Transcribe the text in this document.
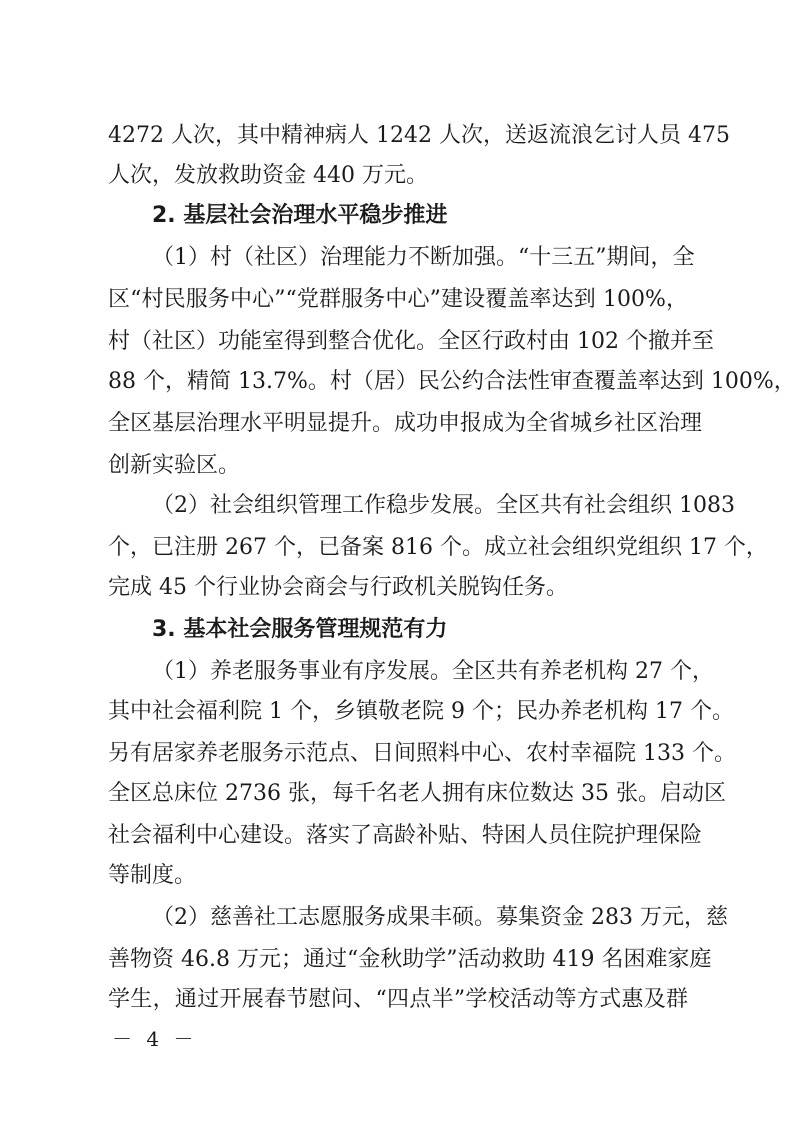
4272 人次，其中精神病人 1242 人次，送返流浪乞讨人员 475
人次，发放救助资金 440 万元。
2. 基层社会治理水平稳步推进
（1）村（社区）治理能力不断加强。“十三五”期间，全
区“村民服务中心”“党群服务中心”建设覆盖率达到 100%，
村（社区）功能室得到整合优化。全区行政村由 102 个撤并至
88 个，精简 13.7%。村（居）民公约合法性审查覆盖率达到 100%，
全区基层治理水平明显提升。成功申报成为全省城乡社区治理
创新实验区。
（2）社会组织管理工作稳步发展。全区共有社会组织 1083
个，已注册 267 个，已备案 816 个。成立社会组织党组织 17 个，
完成 45 个行业协会商会与行政机关脱钩任务。
3. 基本社会服务管理规范有力
（1）养老服务事业有序发展。全区共有养老机构 27 个，
其中社会福利院 1 个，乡镇敬老院 9 个；民办养老机构 17 个。
另有居家养老服务示范点、日间照料中心、农村幸福院 133 个。
全区总床位 2736 张，每千名老人拥有床位数达 35 张。启动区
社会福利中心建设。落实了高龄补贴、特困人员住院护理保险
等制度。
（2）慈善社工志愿服务成果丰硕。募集资金 283 万元，慈
善物资 46.8 万元；通过“金秋助学”活动救助 419 名困难家庭
学生，通过开展春节慰问、“四点半”学校活动等方式惠及群
－ 4 －
